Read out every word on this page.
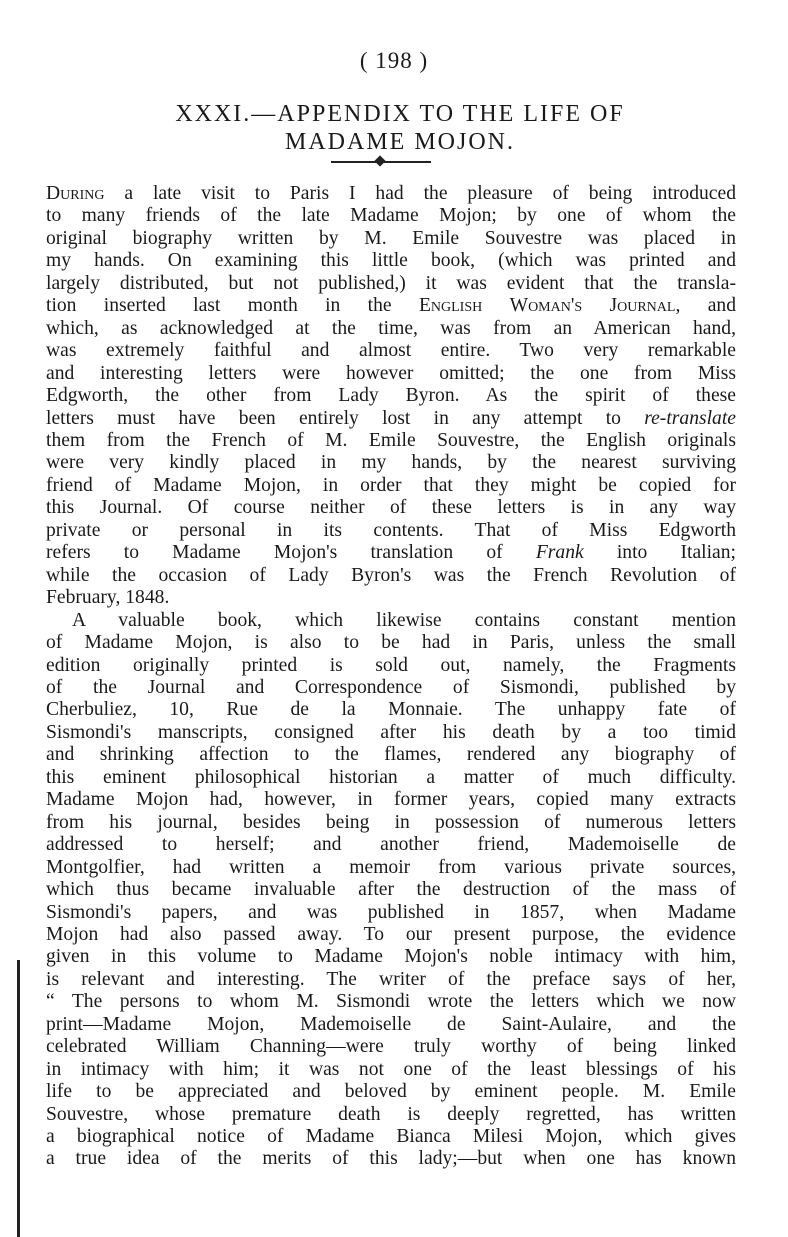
( 198 )
XXXI.—APPENDIX TO THE LIFE OF
MADAME MOJON.
During a late visit to Paris I had the pleasure of being introduced
to many friends of the late Madame Mojon; by one of whom the
original biography written by M. Emile Souvestre was placed in
my hands. On examining this little book, (which was printed and
largely distributed, but not published,) it was evident that the transla-
tion inserted last month in the English Woman's Journal, and
which, as acknowledged at the time, was from an American hand,
was extremely faithful and almost entire. Two very remarkable
and interesting letters were however omitted; the one from Miss
Edgworth, the other from Lady Byron. As the spirit of these
letters must have been entirely lost in any attempt to re-translate
them from the French of M. Emile Souvestre, the English originals
were very kindly placed in my hands, by the nearest surviving
friend of Madame Mojon, in order that they might be copied for
this Journal. Of course neither of these letters is in any way
private or personal in its contents. That of Miss Edgworth
refers to Madame Mojon's translation of Frank into Italian;
while the occasion of Lady Byron's was the French Revolution of
February, 1848.
A valuable book, which likewise contains constant mention
of Madame Mojon, is also to be had in Paris, unless the small
edition originally printed is sold out, namely, the Fragments
of the Journal and Correspondence of Sismondi, published by
Cherbuliez, 10, Rue de la Monnaie. The unhappy fate of
Sismondi's manscripts, consigned after his death by a too timid
and shrinking affection to the flames, rendered any biography of
this eminent philosophical historian a matter of much difficulty.
Madame Mojon had, however, in former years, copied many extracts
from his journal, besides being in possession of numerous letters
addressed to herself; and another friend, Mademoiselle de
Montgolfier, had written a memoir from various private sources,
which thus became invaluable after the destruction of the mass of
Sismondi's papers, and was published in 1857, when Madame
Mojon had also passed away. To our present purpose, the evidence
given in this volume to Madame Mojon's noble intimacy with him,
is relevant and interesting. The writer of the preface says of her,
“ The persons to whom M. Sismondi wrote the letters which we now
print—Madame Mojon, Mademoiselle de Saint-Aulaire, and the
celebrated William Channing—were truly worthy of being linked
in intimacy with him; it was not one of the least blessings of his
life to be appreciated and beloved by eminent people. M. Emile
Souvestre, whose premature death is deeply regretted, has written
a biographical notice of Madame Bianca Milesi Mojon, which gives
a true idea of the merits of this lady;—but when one has known
